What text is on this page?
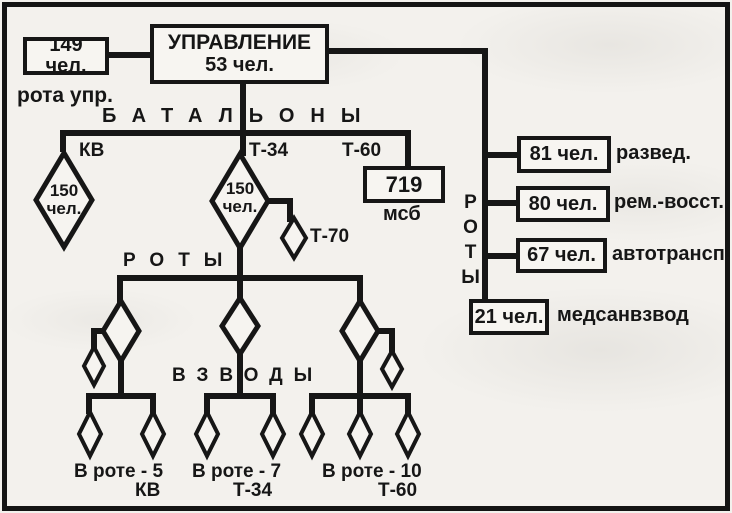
149 чел.
рота упр.
УПРАВЛЕНИЕ
53 чел.
БАТАЛЬОНЫ
КВ	Т-34	Т-60
150
чел.
150
чел.
Т-70
719
мсб
РОТЫ
ВЗВОДЫ
РОТЫ
81 чел. развед.
80 чел. рем.-восст.
67 чел. автотрансп.
21 чел. медсанвзвод
В роте - 5
КВ
В роте - 7
Т-34
В роте - 10
Т-60
